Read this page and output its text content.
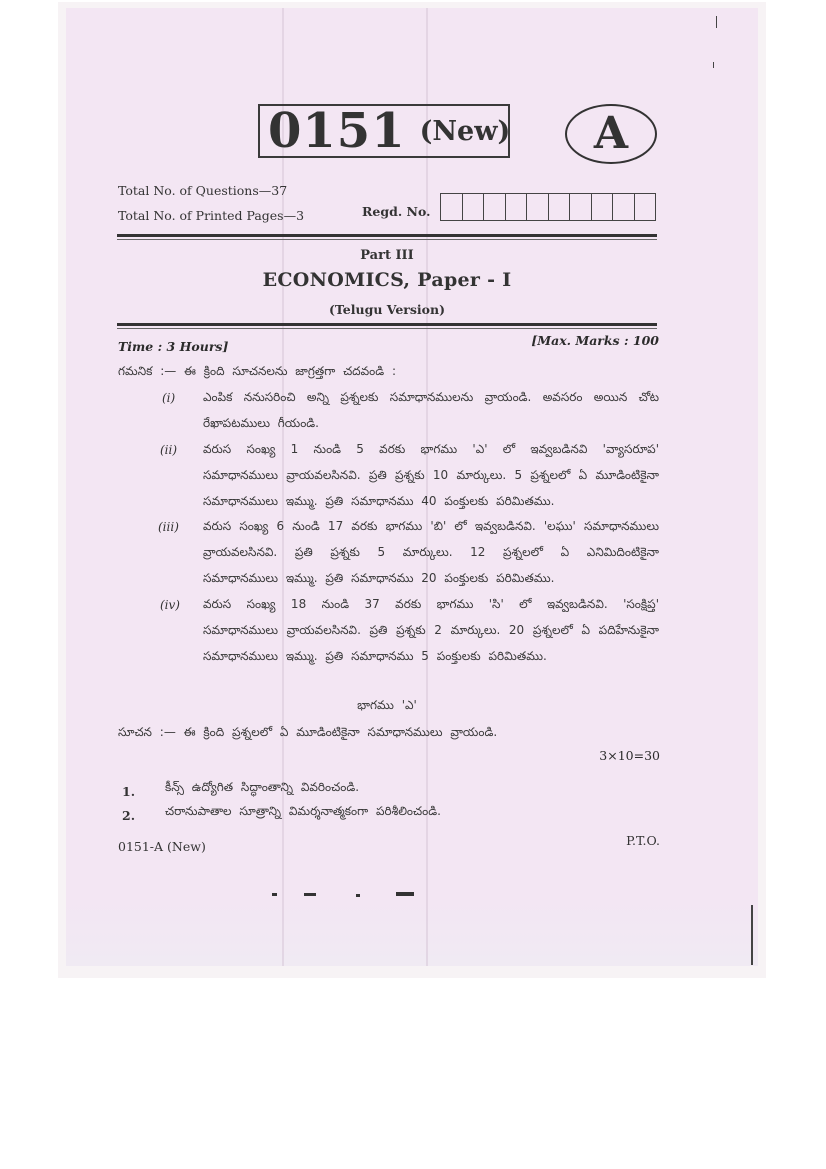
0151 (New) A
Total No. of Questions—37
Total No. of Printed Pages—3	Regd. No.
Part III
ECONOMICS, Paper - I
(Telugu Version)
Time : 3 Hours]	[Max. Marks : 100
గమనిక :— ఈ క్రింది సూచనలను జాగ్రత్తగా చదవండి :
(i)	ఎంపిక ననుసరించి అన్ని ప్రశ్నలకు సమాధానములను వ్రాయండి. అవసరం అయిన చోట రేఖాపటములు గీయండి.
(ii)	వరుస సంఖ్య 1 నుండి 5 వరకు భాగము 'ఎ' లో ఇవ్వబడినవి 'వ్యాసరూప' సమాధానములు వ్రాయవలసినవి. ప్రతి ప్రశ్నకు 10 మార్కులు. 5 ప్రశ్నలలో ఏ మూడింటికైనా సమాధానములు ఇమ్ము. ప్రతి సమాధానము 40 పంక్తులకు పరిమితము.
(iii)	వరుస సంఖ్య 6 నుండి 17 వరకు భాగము 'బి' లో ఇవ్వబడినవి. 'లఘు' సమాధానములు వ్రాయవలసినవి. ప్రతి ప్రశ్నకు 5 మార్కులు. 12 ప్రశ్నలలో ఏ ఎనిమిదింటికైనా సమాధానములు ఇమ్ము. ప్రతి సమాధానము 20 పంక్తులకు పరిమితము.
(iv)	వరుస సంఖ్య 18 నుండి 37 వరకు భాగము 'సి' లో ఇవ్వబడినవి. 'సంక్షిప్త' సమాధానములు వ్రాయవలసినవి. ప్రతి ప్రశ్నకు 2 మార్కులు. 20 ప్రశ్నలలో ఏ పదిహేనుకైనా సమాధానములు ఇమ్ము. ప్రతి సమాధానము 5 పంక్తులకు పరిమితము.
భాగము 'ఎ'
సూచన :— ఈ క్రింది ప్రశ్నలలో ఏ మూడింటికైనా సమాధానములు వ్రాయండి.
3×10=30
1. కీన్స్ ఉద్యోగిత సిద్ధాంతాన్ని వివరించండి.
2. చరానుపాతాల సూత్రాన్ని విమర్శనాత్మకంగా పరిశీలించండి.
0151-A (New)	P.T.O.
